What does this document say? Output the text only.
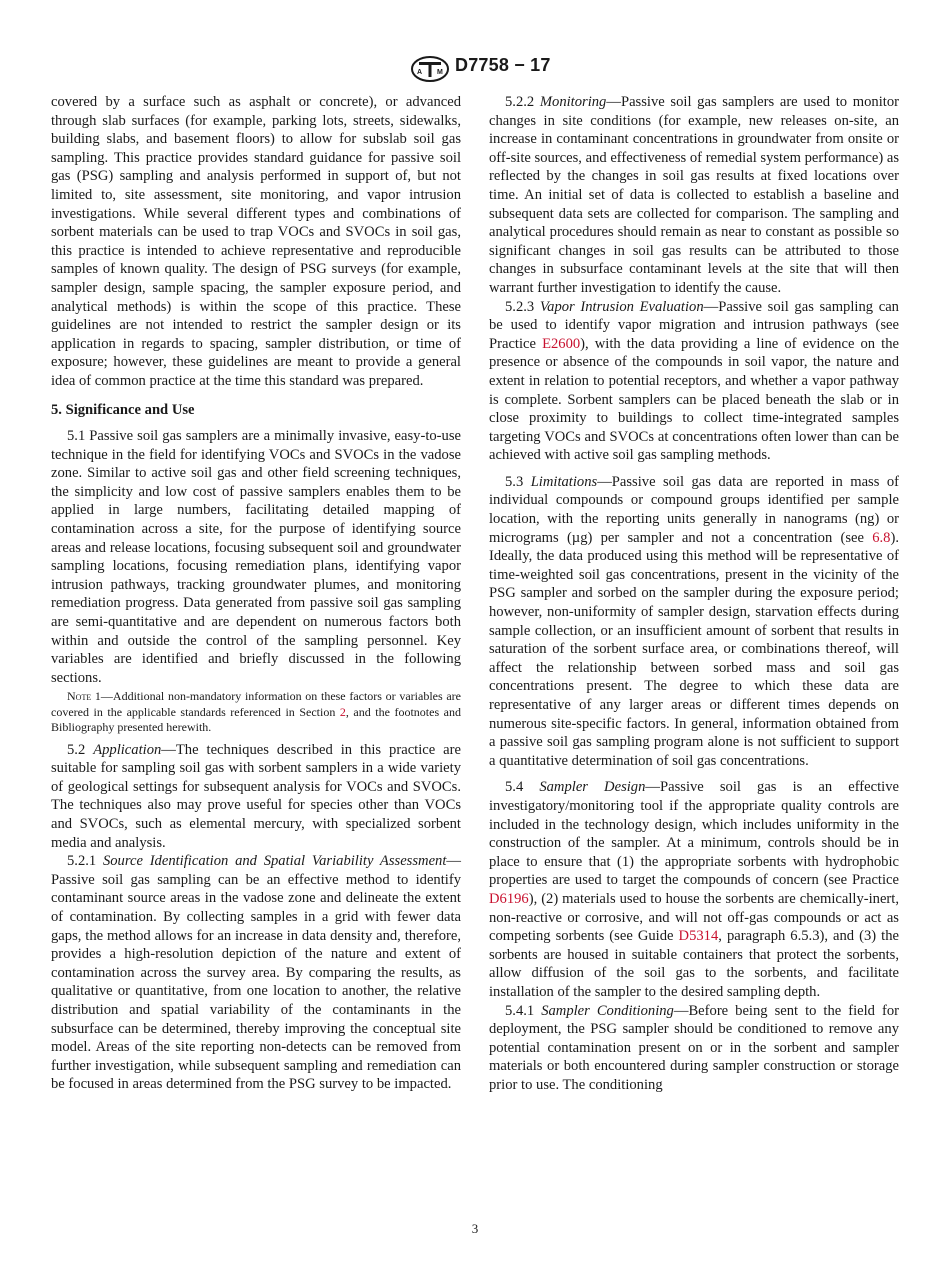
A M D7758 − 17

covered by a surface such as asphalt or concrete), or advanced through slab surfaces (for example, parking lots, streets, sidewalks, building slabs, and basement floors) to allow for subslab soil gas sampling. This practice provides standard guidance for passive soil gas (PSG) sampling and analysis performed in support of, but not limited to, site assessment, site monitoring, and vapor intrusion investigations. While several different types and combinations of sorbent materials can be used to trap VOCs and SVOCs in soil gas, this practice is intended to achieve representative and reproducible samples of known quality. The design of PSG surveys (for example, sampler design, sample spacing, the sampler exposure period, and analytical methods) is within the scope of this practice. These guidelines are not intended to restrict the sampler design or its application in regards to spacing, sampler distribution, or time of exposure; however, these guidelines are meant to provide a general idea of common practice at the time this standard was prepared.

5. Significance and Use

5.1 Passive soil gas samplers are a minimally invasive, easy-to-use technique in the field for identifying VOCs and SVOCs in the vadose zone. Similar to active soil gas and other field screening techniques, the simplicity and low cost of passive samplers enables them to be applied in large numbers, facilitating detailed mapping of contamination across a site, for the purpose of identifying source areas and release locations, focusing subsequent soil and groundwater sampling locations, focusing remediation plans, identifying vapor intrusion pathways, tracking groundwater plumes, and monitoring remediation progress. Data generated from passive soil gas sampling are semi-quantitative and are dependent on numerous factors both within and outside the control of the sampling personnel. Key variables are identified and briefly discussed in the following sections.

Note 1—Additional non-mandatory information on these factors or variables are covered in the applicable standards referenced in Section 2, and the footnotes and Bibliography presented herewith.

5.2 Application—The techniques described in this practice are suitable for sampling soil gas with sorbent samplers in a wide variety of geological settings for subsequent analysis for VOCs and SVOCs. The techniques also may prove useful for species other than VOCs and SVOCs, such as elemental mercury, with specialized sorbent media and analysis.

5.2.1 Source Identification and Spatial Variability Assessment—Passive soil gas sampling can be an effective method to identify contaminant source areas in the vadose zone and delineate the extent of contamination. By collecting samples in a grid with fewer data gaps, the method allows for an increase in data density and, therefore, provides a high-resolution depiction of the nature and extent of contamination across the survey area. By comparing the results, as qualitative or quantitative, from one location to another, the relative distribution and spatial variability of the contaminants in the subsurface can be determined, thereby improving the conceptual site model. Areas of the site reporting non-detects can be removed from further investigation, while subsequent sampling and remediation can be focused in areas determined from the PSG survey to be impacted.

5.2.2 Monitoring—Passive soil gas samplers are used to monitor changes in site conditions (for example, new releases on-site, an increase in contaminant concentrations in groundwater from onsite or off-site sources, and effectiveness of remedial system performance) as reflected by the changes in soil gas results at fixed locations over time. An initial set of data is collected to establish a baseline and subsequent data sets are collected for comparison. The sampling and analytical procedures should remain as near to constant as possible so significant changes in soil gas results can be attributed to those changes in subsurface contaminant levels at the site that will then warrant further investigation to identify the cause.

5.2.3 Vapor Intrusion Evaluation—Passive soil gas sampling can be used to identify vapor migration and intrusion pathways (see Practice E2600), with the data providing a line of evidence on the presence or absence of the compounds in soil vapor, the nature and extent in relation to potential receptors, and whether a vapor pathway is complete. Sorbent samplers can be placed beneath the slab or in close proximity to buildings to collect time-integrated samples targeting VOCs and SVOCs at concentrations often lower than can be achieved with active soil gas sampling methods.

5.3 Limitations—Passive soil gas data are reported in mass of individual compounds or compound groups identified per sample location, with the reporting units generally in nanograms (ng) or micrograms (µg) per sampler and not a concentration (see 6.8). Ideally, the data produced using this method will be representative of time-weighted soil gas concentrations, present in the vicinity of the PSG sampler and sorbed on the sampler during the exposure period; however, non-uniformity of sampler design, starvation effects during sample collection, or an insufficient amount of sorbent that results in saturation of the sorbent surface area, or combinations thereof, will affect the relationship between sorbed mass and soil gas concentrations present. The degree to which these data are representative of any larger areas or different times depends on numerous site-specific factors. In general, information obtained from a passive soil gas sampling program alone is not sufficient to support a quantitative determination of soil gas concentrations.

5.4 Sampler Design—Passive soil gas is an effective investigatory/monitoring tool if the appropriate quality controls are included in the technology design, which includes uniformity in the construction of the sampler. At a minimum, controls should be in place to ensure that (1) the appropriate sorbents with hydrophobic properties are used to target the compounds of concern (see Practice D6196), (2) materials used to house the sorbents are chemically-inert, non-reactive or corrosive, and will not off-gas compounds or act as competing sorbents (see Guide D5314, paragraph 6.5.3), and (3) the sorbents are housed in suitable containers that protect the sorbents, allow diffusion of the soil gas to the sorbents, and facilitate installation of the sampler to the desired sampling depth.

5.4.1 Sampler Conditioning—Before being sent to the field for deployment, the PSG sampler should be conditioned to remove any potential contamination present on or in the sorbent and sampler materials or both encountered during sampler construction or storage prior to use. The conditioning

3
